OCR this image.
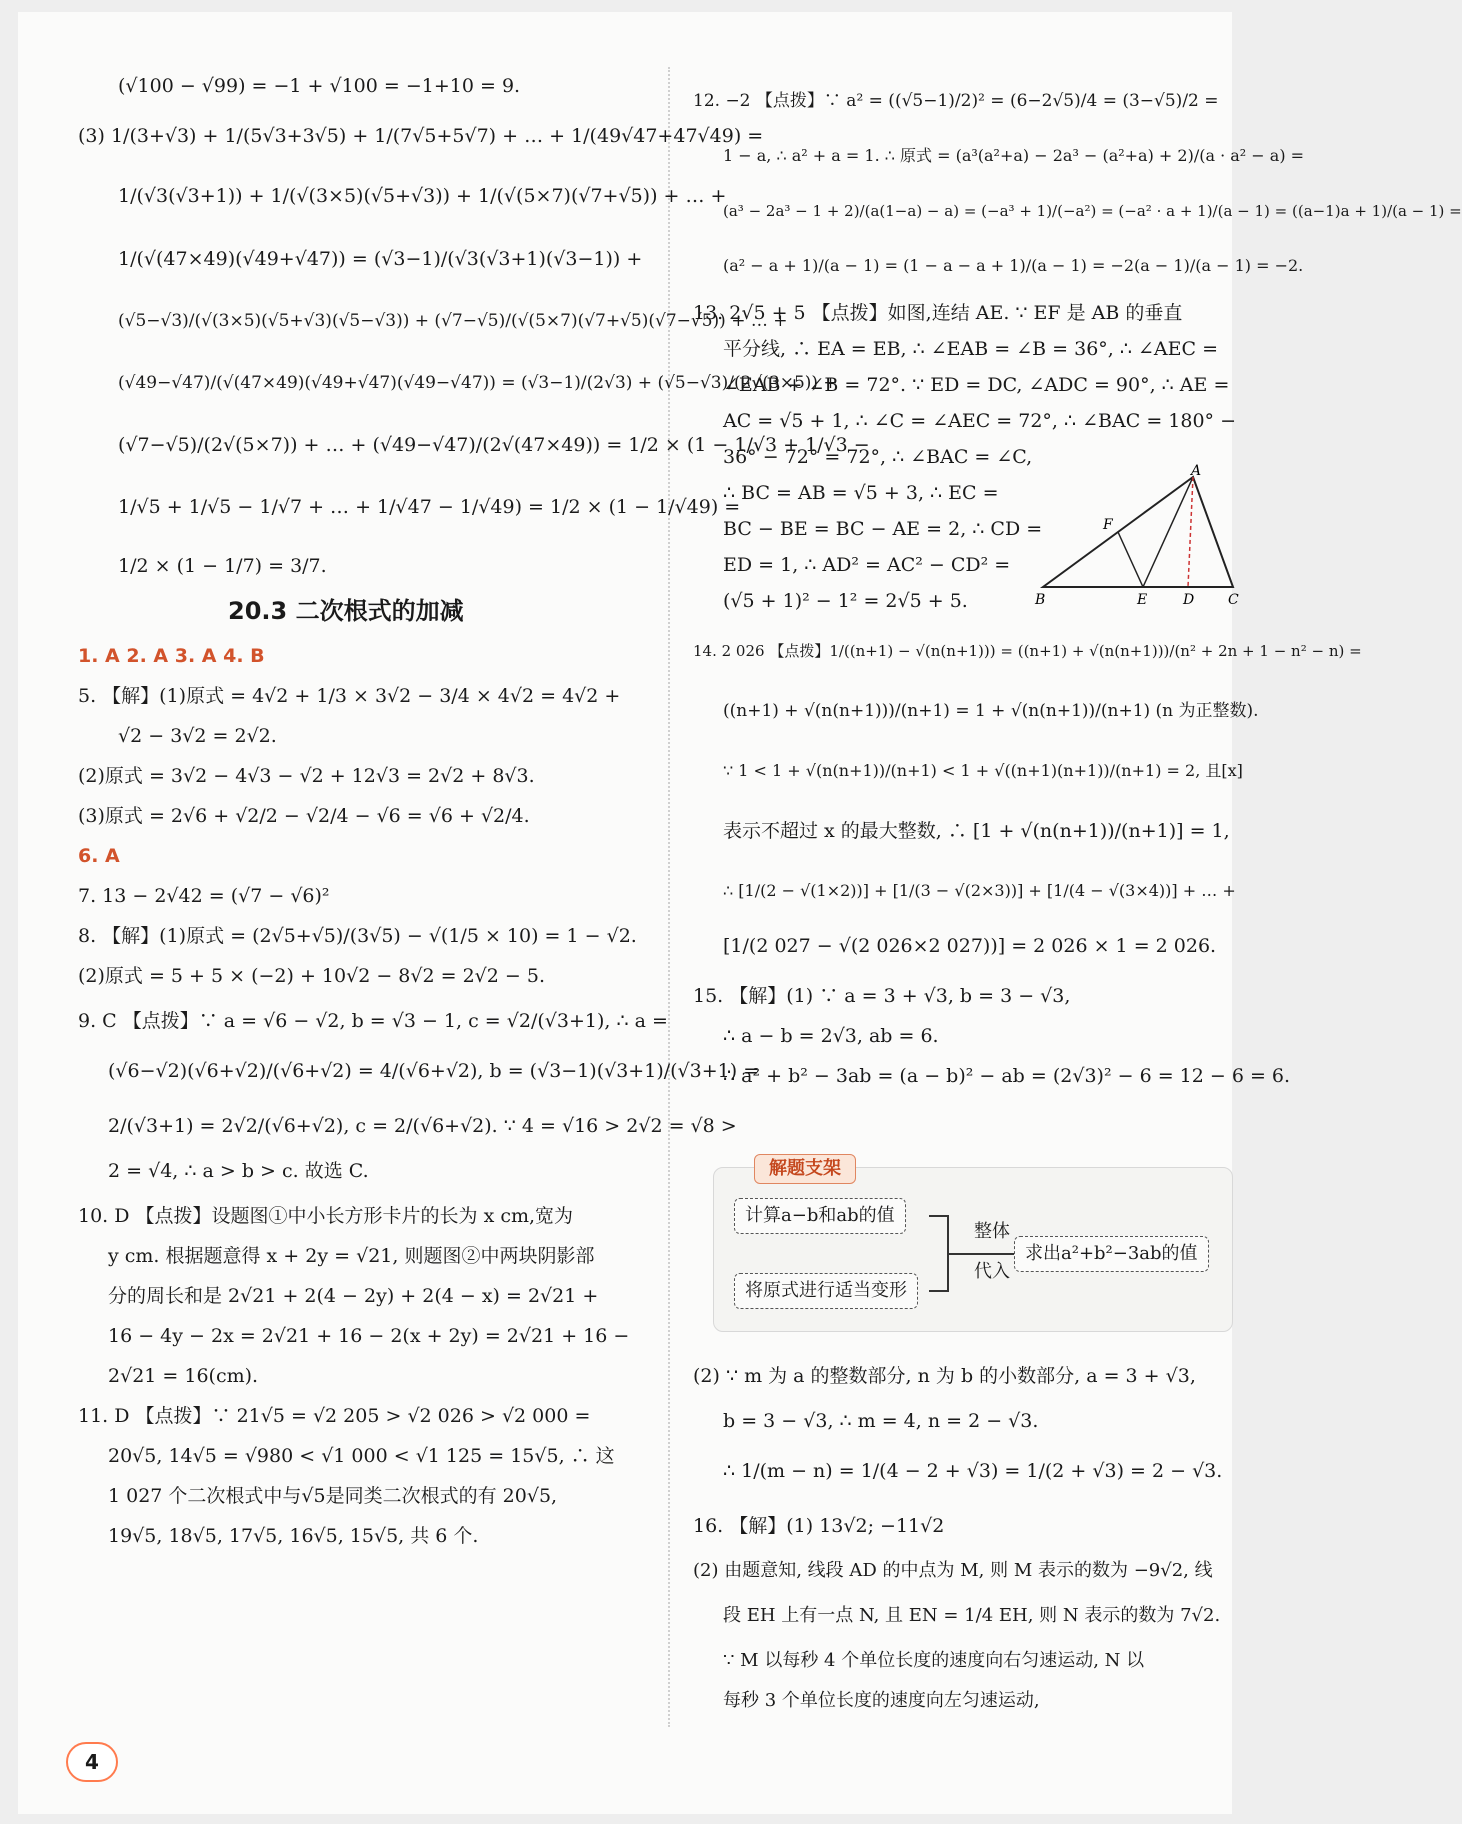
(√100 − √99) = −1 + √100 = −1+10 = 9.
(3) 1/(3+√3) + 1/(5√3+3√5) + 1/(7√5+5√7) + … + 1/(49√47+47√49) =
1/(√3(√3+1)) + 1/(√(3×5)(√5+√3)) + 1/(√(5×7)(√7+√5)) + … +
1/(√(47×49)(√49+√47)) = (√3−1)/(√3(√3+1)(√3−1)) +
(√5−√3)/(√(3×5)(√5+√3)(√5−√3)) + (√7−√5)/(√(5×7)(√7+√5)(√7−√5)) + … +
(√49−√47)/(√(47×49)(√49+√47)(√49−√47)) = (√3−1)/(2√3) + (√5−√3)/(2√(3×5)) +
(√7−√5)/(2√(5×7)) + … + (√49−√47)/(2√(47×49)) = 1/2 × (1 − 1/√3 + 1/√3 −
1/√5 + 1/√5 − 1/√7 + … + 1/√47 − 1/√49) = 1/2 × (1 − 1/√49) =
1/2 × (1 − 1/7) = 3/7.
20.3 二次根式的加减
1. A 2. A 3. A 4. B
5. 【解】(1)原式 = 4√2 + 1/3 × 3√2 − 3/4 × 4√2 = 4√2 +
√2 − 3√2 = 2√2.
(2)原式 = 3√2 − 4√3 − √2 + 12√3 = 2√2 + 8√3.
(3)原式 = 2√6 + √2/2 − √2/4 − √6 = √6 + √2/4.
6. A
7. 13 − 2√42 = (√7 − √6)²
8. 【解】(1)原式 = (2√5+√5)/(3√5) − √(1/5 × 10) = 1 − √2.
(2)原式 = 5 + 5 × (−2) + 10√2 − 8√2 = 2√2 − 5.
9. C 【点拨】∵ a = √6 − √2, b = √3 − 1, c = √2/(√3+1), ∴ a =
(√6−√2)(√6+√2)/(√6+√2) = 4/(√6+√2), b = (√3−1)(√3+1)/(√3+1) =
2/(√3+1) = 2√2/(√6+√2), c = 2/(√6+√2). ∵ 4 = √16 > 2√2 = √8 >
2 = √4, ∴ a > b > c. 故选 C.
10. D 【点拨】设题图①中小长方形卡片的长为 x cm,宽为
y cm. 根据题意得 x + 2y = √21, 则题图②中两块阴影部
分的周长和是 2√21 + 2(4 − 2y) + 2(4 − x) = 2√21 +
16 − 4y − 2x = 2√21 + 16 − 2(x + 2y) = 2√21 + 16 −
2√21 = 16(cm).
11. D 【点拨】∵ 21√5 = √2 205 > √2 026 > √2 000 =
20√5, 14√5 = √980 < √1 000 < √1 125 = 15√5, ∴ 这
1 027 个二次根式中与√5是同类二次根式的有 20√5,
19√5, 18√5, 17√5, 16√5, 15√5, 共 6 个.
12. −2 【点拨】∵ a² = ((√5−1)/2)² = (6−2√5)/4 = (3−√5)/2 =
1 − a, ∴ a² + a = 1. ∴ 原式 = (a³(a²+a) − 2a³ − (a²+a) + 2)/(a · a² − a) =
(a³ − 2a³ − 1 + 2)/(a(1−a) − a) = (−a³ + 1)/(−a²) = (−a² · a + 1)/(a − 1) = ((a−1)a + 1)/(a − 1) =
(a² − a + 1)/(a − 1) = (1 − a − a + 1)/(a − 1) = −2(a − 1)/(a − 1) = −2.
13. 2√5 + 5 【点拨】如图,连结 AE. ∵ EF 是 AB 的垂直
平分线, ∴ EA = EB, ∴ ∠EAB = ∠B = 36°, ∴ ∠AEC =
∠EAB + ∠B = 72°. ∵ ED = DC, ∠ADC = 90°, ∴ AE =
AC = √5 + 1, ∴ ∠C = ∠AEC = 72°, ∴ ∠BAC = 180° −
36° − 72° = 72°, ∴ ∠BAC = ∠C,
∴ BC = AB = √5 + 3, ∴ EC =
BC − BE = BC − AE = 2, ∴ CD =
ED = 1, ∴ AD² = AC² − CD² =
(√5 + 1)² − 1² = 2√5 + 5.
A
F
B	E	D C
14. 2 026 【点拨】1/((n+1) − √(n(n+1))) = ((n+1) + √(n(n+1)))/(n² + 2n + 1 − n² − n) =
((n+1) + √(n(n+1)))/(n+1) = 1 + √(n(n+1))/(n+1) (n 为正整数).
∵ 1 < 1 + √(n(n+1))/(n+1) < 1 + √((n+1)(n+1))/(n+1) = 2, 且[x]
表示不超过 x 的最大整数, ∴ [1 + √(n(n+1))/(n+1)] = 1,
∴ [1/(2 − √(1×2))] + [1/(3 − √(2×3))] + [1/(4 − √(3×4))] + … +
[1/(2 027 − √(2 026×2 027))] = 2 026 × 1 = 2 026.
15. 【解】(1) ∵ a = 3 + √3, b = 3 − √3,
∴ a − b = 2√3, ab = 6.
∴ a² + b² − 3ab = (a − b)² − ab = (2√3)² − 6 = 12 − 6 = 6.
解题支架
计算a−b和ab的值
将原式进行适当变形
整体
代入
求出a²+b²−3ab的值
(2) ∵ m 为 a 的整数部分, n 为 b 的小数部分, a = 3 + √3,
b = 3 − √3, ∴ m = 4, n = 2 − √3.
∴ 1/(m − n) = 1/(4 − 2 + √3) = 1/(2 + √3) = 2 − √3.
16. 【解】(1) 13√2; −11√2
(2) 由题意知, 线段 AD 的中点为 M, 则 M 表示的数为 −9√2, 线
段 EH 上有一点 N, 且 EN = 1/4 EH, 则 N 表示的数为 7√2.
∵ M 以每秒 4 个单位长度的速度向右匀速运动, N 以
每秒 3 个单位长度的速度向左匀速运动,
4
